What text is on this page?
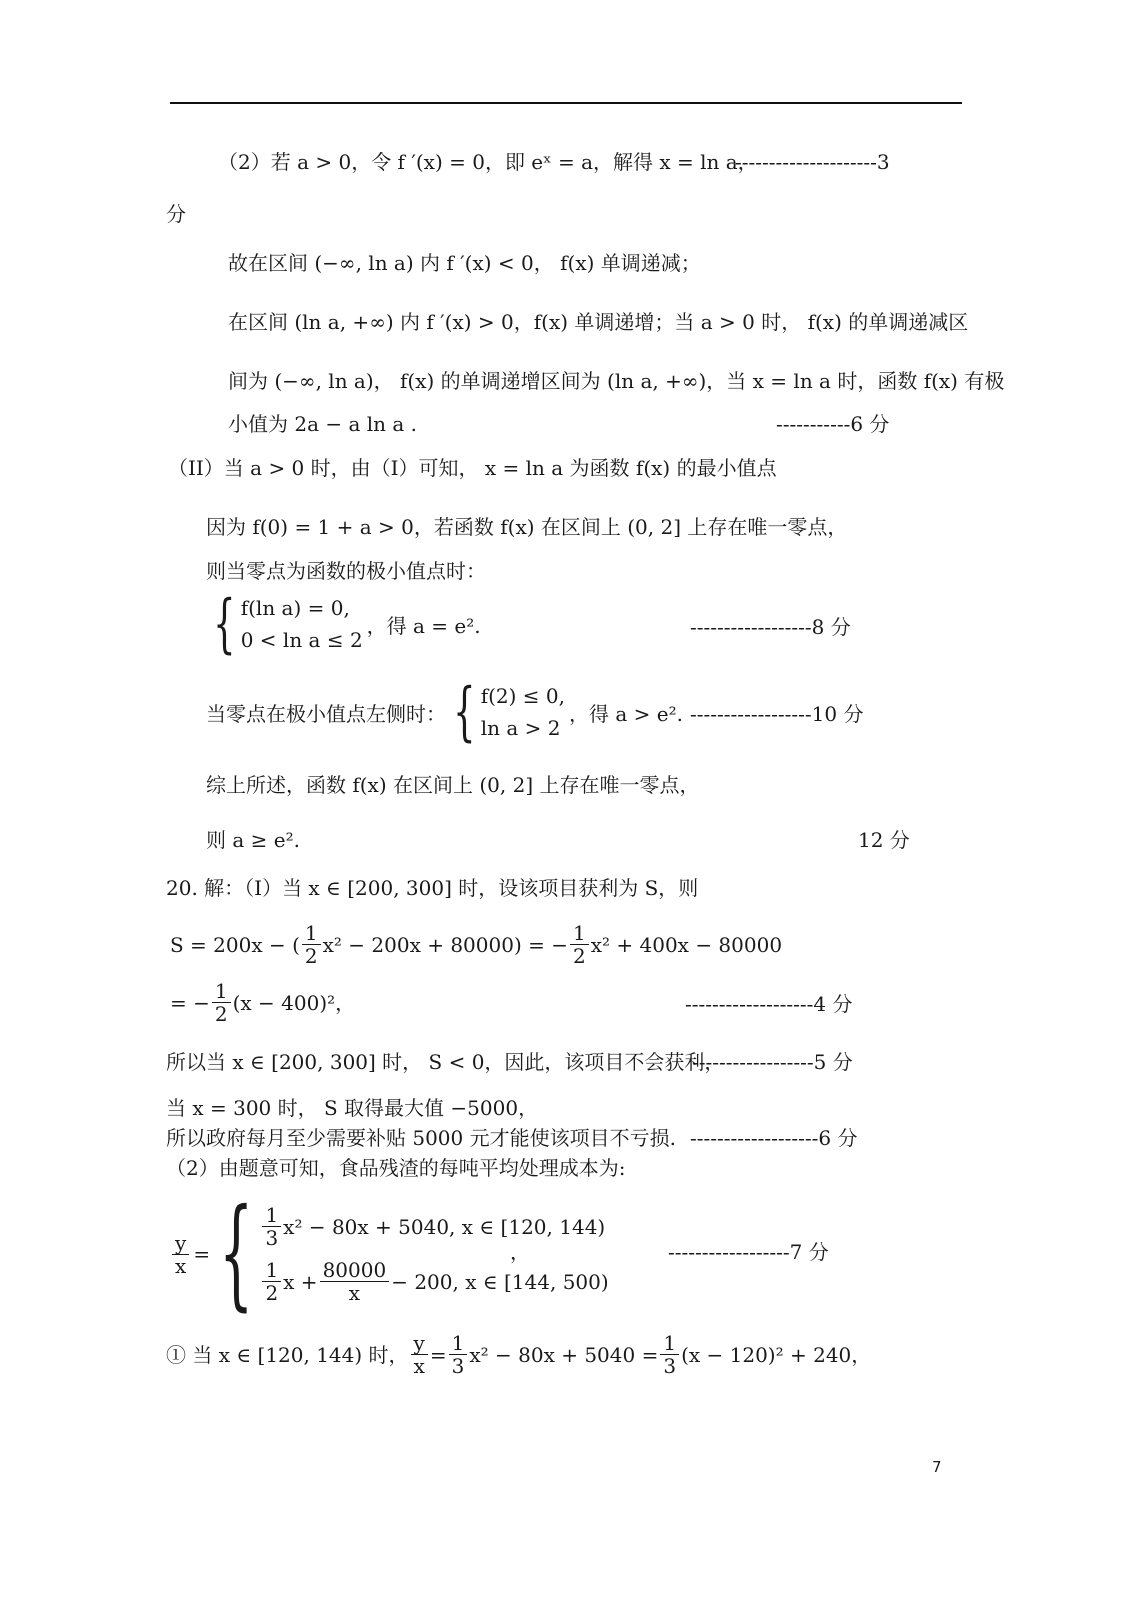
（2）若 a > 0，令 f ′(x) = 0，即 eˣ = a，解得 x = ln a，
---------------------3
分
故在区间 (−∞, ln a) 内 f ′(x) < 0， f(x) 单调递减；
在区间 (ln a, +∞) 内 f ′(x) > 0，f(x) 单调递增；当 a > 0 时， f(x) 的单调递减区
间为 (−∞, ln a)， f(x) 的单调递增区间为 (ln a, +∞)，当 x = ln a 时，函数 f(x) 有极
小值为 2a − a ln a .	-----------6 分
（II）当 a > 0 时，由（I）可知， x = ln a 为函数 f(x) 的最小值点
因为 f(0) = 1 + a > 0，若函数 f(x) 在区间上 (0, 2] 上存在唯一零点，
则当零点为函数的极小值点时：
{ f(ln a) = 0,
0 < ln a ≤ 2
，得 a = e².	------------------8 分
当零点在极小值点左侧时： { f(2) ≤ 0,
ln a > 2
，得 a > e². ------------------10 分
综上所述，函数 f(x) 在区间上 (0, 2] 上存在唯一零点，
则 a ≥ e².	12 分
20. 解：（I）当 x ∈ [200, 300] 时，设该项目获利为 S，则
S = 200x − ( $\frac{1}{2} x^2 - 200x + 80000$) = − $\frac{1}{2} x^2 + 400x - 80000$
= − $\frac{1}{2} (x - 400)^2$，	-------------------4 分
所以当 x ∈ [200, 300] 时， S < 0，因此，该项目不会获利，
------------------5 分
当 x = 300 时， S 取得最大值 −5000，
所以政府每月至少需要补贴 5000 元才能使该项目不亏损. -------------------6 分
（2）由题意可知，食品残渣的每吨平均处理成本为:
$\frac{y}{x}$ = { $\frac{1}{3} x^2 - 80x + 5040$, x ∈ [120, 144)
$\frac{1}{2}$ $x + \frac{80000}{x} - 200$, x ∈ [144, 500)
，	------------------7 分
① 当 x ∈ [120, 144) 时， $\frac{y}{x} = \frac{1}{3} x^2 - 80x + 5040 = \frac{1}{3} (x - 120)^2 + 240$，
7
